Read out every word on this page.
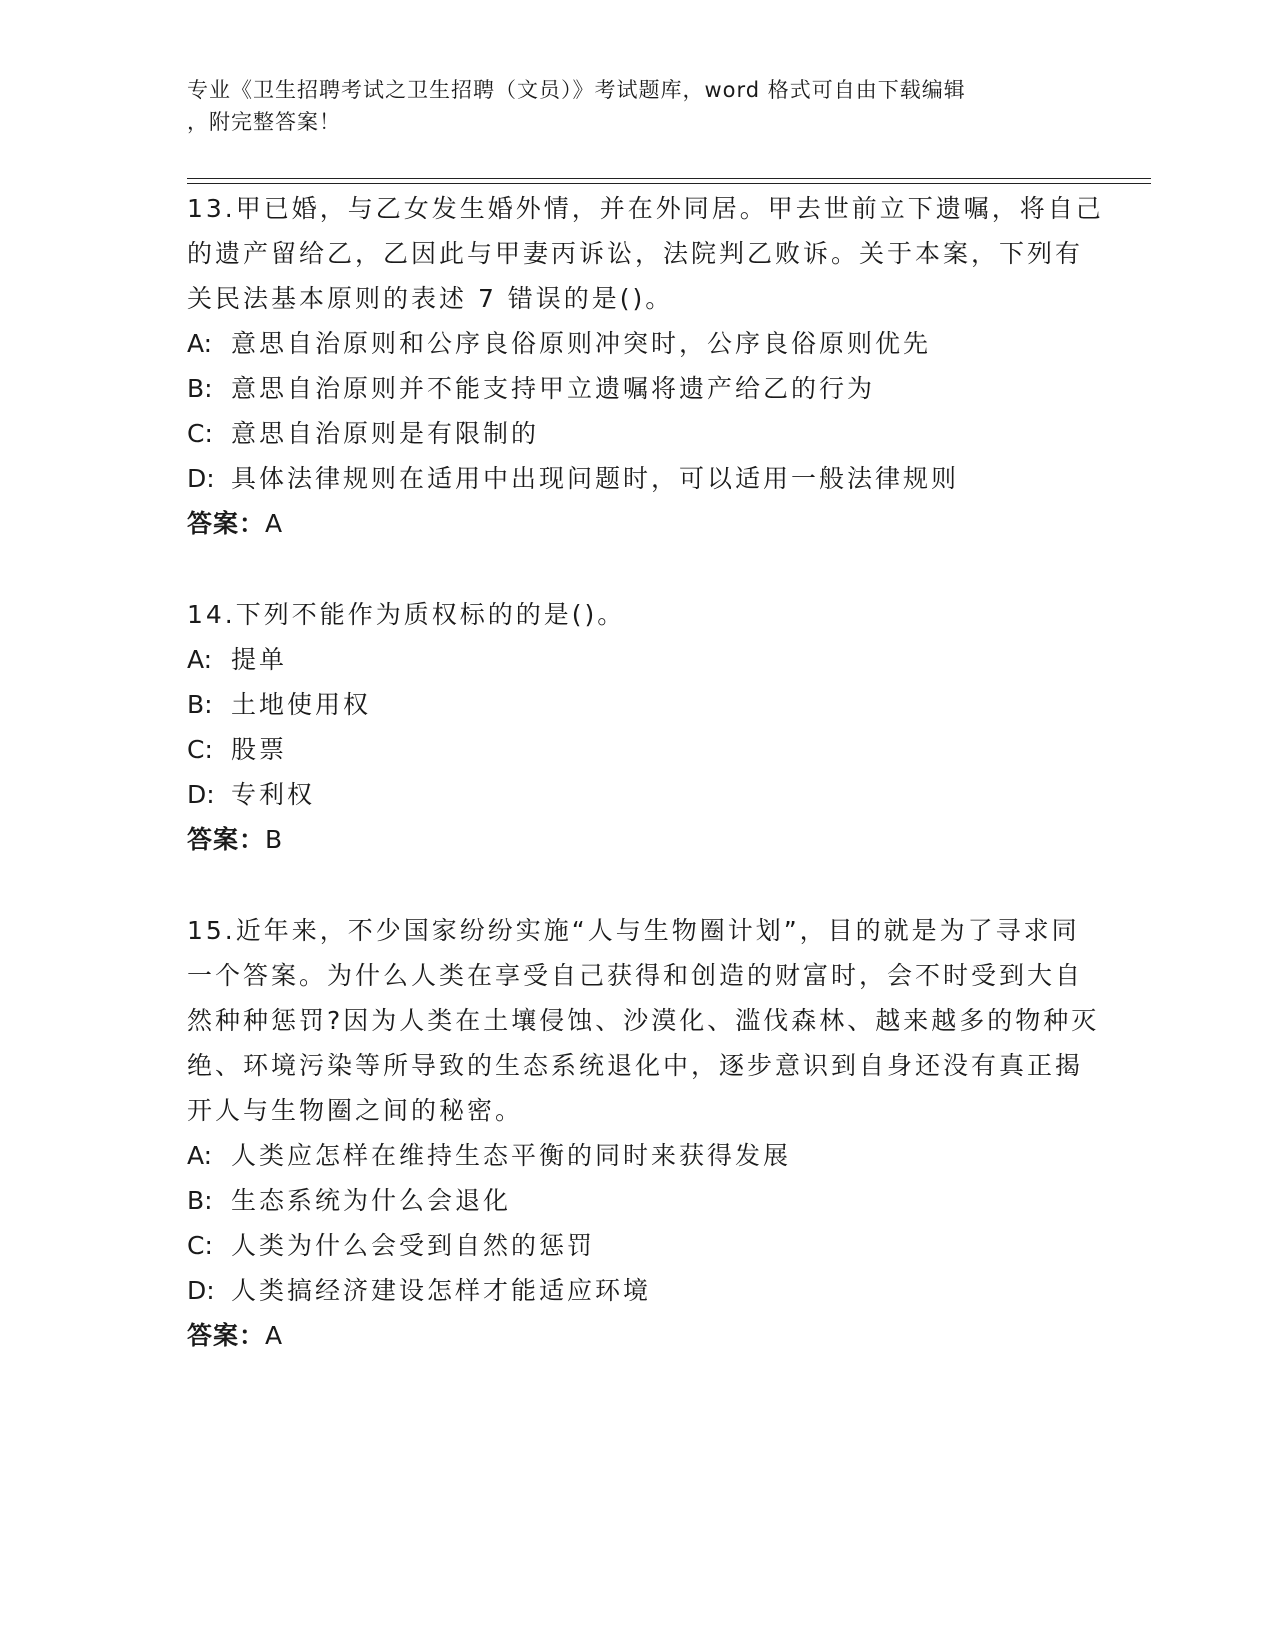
专业《卫生招聘考试之卫生招聘（文员）》考试题库，word 格式可自由下载编辑
，附完整答案！

13.甲已婚，与乙女发生婚外情，并在外同居。甲去世前立下遗嘱，将自己的遗产留给乙，乙因此与甲妻丙诉讼，法院判乙败诉。关于本案，下列有关民法基本原则的表述 7 错误的是()。

A: 意思自治原则和公序良俗原则冲突时，公序良俗原则优先

B: 意思自治原则并不能支持甲立遗嘱将遗产给乙的行为

C: 意思自治原则是有限制的

D: 具体法律规则在适用中出现问题时，可以适用一般法律规则

答案：A

14.下列不能作为质权标的的是()。

A: 提单

B: 土地使用权

C: 股票

D: 专利权

答案：B

15.近年来，不少国家纷纷实施“人与生物圈计划”，目的就是为了寻求同一个答案。为什么人类在享受自己获得和创造的财富时，会不时受到大自然种种惩罚?因为人类在土壤侵蚀、沙漠化、滥伐森林、越来越多的物种灭绝、环境污染等所导致的生态系统退化中，逐步意识到自身还没有真正揭开人与生物圈之间的秘密。

A: 人类应怎样在维持生态平衡的同时来获得发展

B: 生态系统为什么会退化

C: 人类为什么会受到自然的惩罚

D: 人类搞经济建设怎样才能适应环境

答案：A
